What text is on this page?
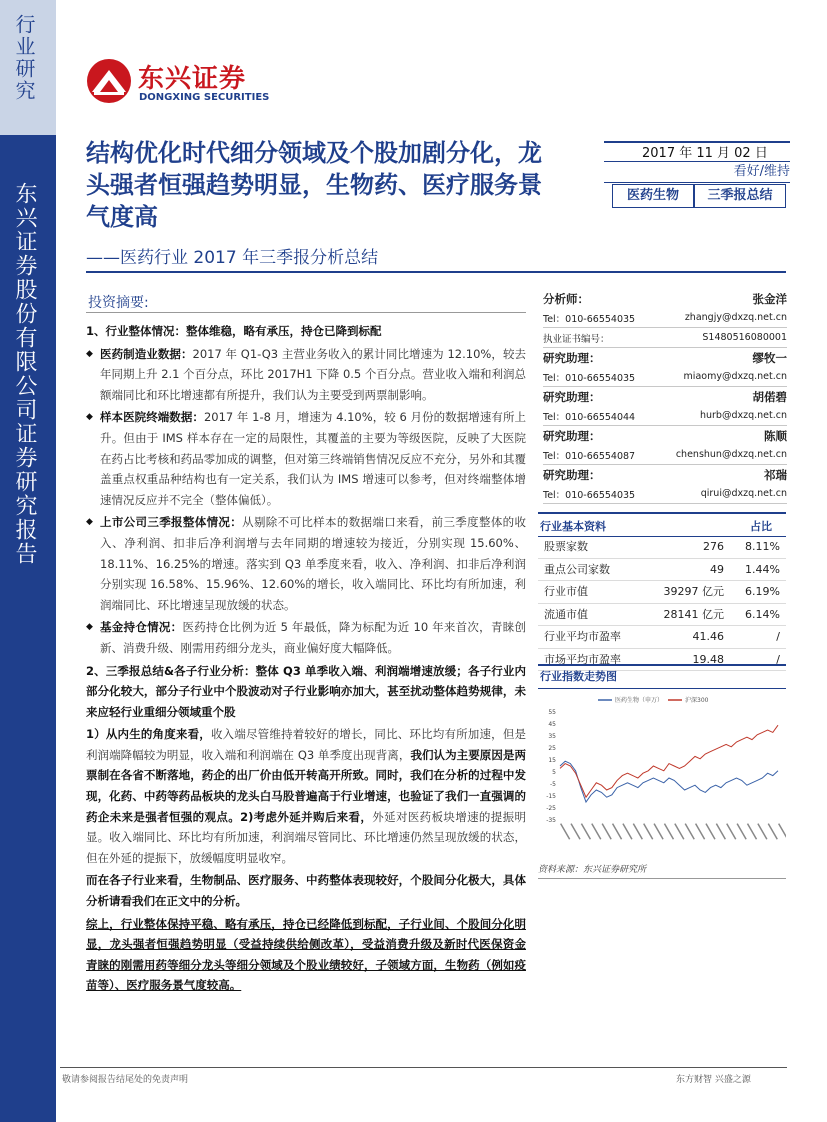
行业研究
东兴证券股份有限公司证券研究报告
东兴证券
DONGXING SECURITIES
2017 年 11 月 02 日
看好/维持
医药生物	三季报总结
结构优化时代细分领域及个股加剧分化，龙头强者恒强趋势明显，生物药、医疗服务景气度高
——医药行业 2017 年三季报分析总结
投资摘要:

1、行业整体情况：整体维稳，略有承压，持仓已降到标配

◆ 医药制造业数据：2017 年 Q1-Q3 主营业务收入的累计同比增速为 12.10%，较去年同期上升 2.1 个百分点，环比 2017H1 下降 0.5 个百分点。营业收入端和利润总额端同比和环比增速都有所提升，我们认为主要受到两票制影响。

◆ 样本医院终端数据：2017 年 1-8 月，增速为 4.10%，较 6 月份的数据增速有所上升。但由于 IMS 样本存在一定的局限性，其覆盖的主要为等级医院，反映了大医院在药占比考核和药品零加成的调整，但对第三终端销售情况反应不充分，另外和其覆盖重点权重品种结构也有一定关系，我们认为 IMS 增速可以参考，但对终端整体增速情况反应并不完全（整体偏低）。

◆ 上市公司三季报整体情况：从剔除不可比样本的数据端口来看，前三季度整体的收入、净利润、扣非后净利润增与去年同期的增速较为接近，分别实现 15.60%、18.11%、16.25%的增速。落实到 Q3 单季度来看，收入、净利润、扣非后净利润分别实现 16.58%、15.96%、12.60%的增长，收入端同比、环比均有所加速，利润端同比、环比增速呈现放缓的状态。

◆ 基金持仓情况：医药持仓比例为近 5 年最低，降为标配为近 10 年来首次，青睐创新、消费升级、刚需用药细分龙头，商业偏好度大幅降低。

2、三季报总结&各子行业分析：整体 Q3 单季收入端、利润端增速放缓；各子行业内部分化较大，部分子行业中个股波动对子行业影响亦加大，甚至扰动整体趋势规律，未来应轻行业重细分领域重个股

1）从内生的角度来看，收入端尽管维持着较好的增长，同比、环比均有所加速，但是利润端降幅较为明显，收入端和利润端在 Q3 单季度出现背离，我们认为主要原因是两票制在各省不断落地，药企的出厂价由低开转高开所致。同时，我们在分析的过程中发现，化药、中药等药品板块的龙头白马股普遍高于行业增速，也验证了我们一直强调的药企未来是强者恒强的观点。2)考虑外延并购后来看，外延对医药板块增速的提振明显。收入端同比、环比均有所加速，利润端尽管同比、环比增速仍然呈现放缓的状态，但在外延的提振下，放缓幅度明显收窄。

而在各子行业来看，生物制品、医疗服务、中药整体表现较好，个股间分化极大，具体分析请看我们在正文中的分析。

综上，行业整体保持平稳、略有承压，持仓已经降低到标配，子行业间、个股间分化明显，龙头强者恒强趋势明显（受益持续供给侧改革），受益消费升级及新时代医保资金青睐的刚需用药等细分龙头等细分领域及个股业绩较好，子领域方面，生物药（例如疫苗等）、医疗服务景气度较高。

分析师：	张金洋
Tel：010-66554035	zhangjy@dxzq.net.cn
执业证书编号：	S1480516080001
研究助理：	缪牧一
Tel：010-66554035	miaomy@dxzq.net.cn
研究助理：	胡偌碧
Tel：010-66554044	hurb@dxzq.net.cn
研究助理：	陈顺
Tel：010-66554087	chenshun@dxzq.net.cn
研究助理：	祁瑞
Tel：010-66554035	qirui@dxzq.net.cn
行业基本资料	占比
股票家数	276 8.11%
重点公司家数	49 1.44%
行业市值	39297 亿元 6.19%
流通市值	28141 亿元 6.14%
行业平均市盈率	41.46	/
市场平均市盈率	19.48	/
行业指数走势图
医药生物（申万）	沪深300
55
45
35
25
15
5
-5
-15
-25
-35
资料来源：东兴证券研究所
敬请参阅报告结尾处的免责声明	东方财智 兴盛之源
